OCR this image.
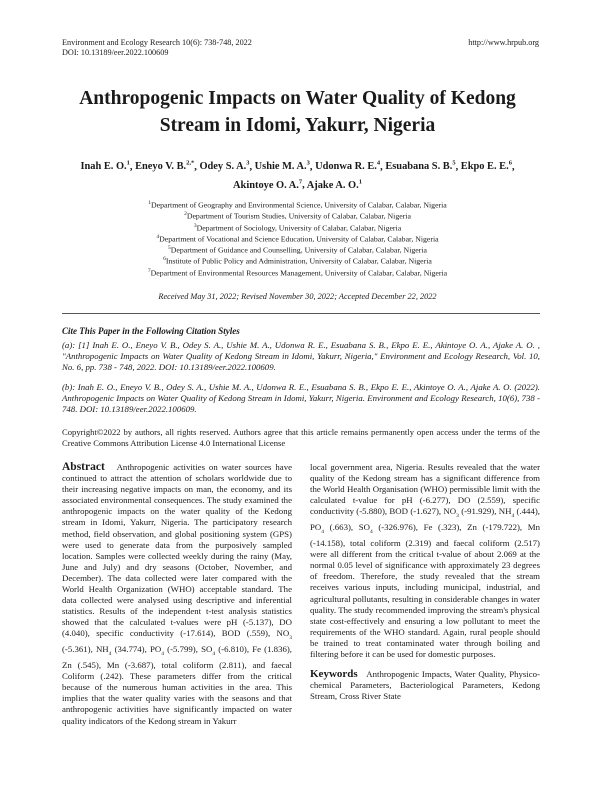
Environment and Ecology Research 10(6): 738-748, 2022
DOI: 10.13189/eer.2022.100609
http://www.hrpub.org
Anthropogenic Impacts on Water Quality of Kedong
Stream in Idomi, Yakurr, Nigeria
Inah E. O.$^1$, Eneyo V. B.$^{2,*}$, Odey S. A.$^3$, Ushie M. A.$^3$, Udonwa R. E.$^4$, Esuabana S. B.$^5$, Ekpo E. E.$^6$,
Akintoye O. A.$^7$, Ajake A. O.$^1$
$^1$Department of Geography and Environmental Science, University of Calabar, Calabar, Nigeria
$^2$Department of Tourism Studies, University of Calabar, Calabar, Nigeria
$^3$Department of Sociology, University of Calabar, Calabar, Nigeria
$^4$Department of Vocational and Science Education, University of Calabar, Calabar, Nigeria
$^5$Department of Guidance and Counselling, University of Calabar, Calabar, Nigeria
$^6$Institute of Public Policy and Administration, University of Calabar, Calabar, Nigeria
$^7$Department of Environmental Resources Management, University of Calabar, Calabar, Nigeria
Received May 31, 2022; Revised November 30, 2022; Accepted December 22, 2022
Cite This Paper in the Following Citation Styles
(a): [1] Inah E. O., Eneyo V. B., Odey S. A., Ushie M. A., Udonwa R. E., Esuabana S. B., Ekpo E. E., Akintoye O. A., Ajake A. O. , "Anthropogenic Impacts on Water Quality of Kedong Stream in Idomi, Yakurr, Nigeria," Environment and Ecology Research, Vol. 10, No. 6, pp. 738 - 748, 2022. DOI: 10.13189/eer.2022.100609.
(b): Inah E. O., Eneyo V. B., Odey S. A., Ushie M. A., Udonwa R. E., Esuabana S. B., Ekpo E. E., Akintoye O. A., Ajake A. O. (2022). Anthropogenic Impacts on Water Quality of Kedong Stream in Idomi, Yakurr, Nigeria. Environment and Ecology Research, 10(6), 738 - 748. DOI: 10.13189/eer.2022.100609.
Copyright©2022 by authors, all rights reserved. Authors agree that this article remains permanently open access under the terms of the Creative Commons Attribution License 4.0 International License
Abstract Anthropogenic activities on water sources have continued to attract the attention of scholars worldwide due to their increasing negative impacts on man, the economy, and its associated environmental consequences. The study examined the anthropogenic impacts on the water quality of the Kedong stream in Idomi, Yakurr, Nigeria. The participatory research method, field observation, and global positioning system (GPS) were used to generate data from the purposively sampled location. Samples were collected weekly during the rainy (May, June and July) and dry seasons (October, November, and December). The data collected were later compared with the World Health Organization (WHO) acceptable standard. The data collected were analysed using descriptive and inferential statistics. Results of the independent t-test analysis statistics showed that the calculated t-values were pH (-5.137), DO (4.040), specific conductivity (-17.614), BOD (.559), $NO_3$ (-5.361), $NH_4$ (34.774), $PO_4$ (-5.799), $SO_4$ (-6.810), Fe (1.836), Zn (.545), Mn (-3.687), total coliform (2.811), and faecal Coliform (.242). These parameters differ from the critical because of the numerous human activities in the area. This implies that the water quality varies with the seasons and that anthropogenic activities have significantly impacted on water quality indicators of the Kedong stream in Yakurr
local government area, Nigeria. Results revealed that the water quality of the Kedong stream has a significant difference from the World Health Organisation (WHO) permissible limit with the calculated t-value for pH (-6.277), DO (2.559), specific conductivity (-5.880), BOD (-1.627), $NO_3$ (-91.929), $NH_4$ (.444), $PO_4$ (.663), $SO_4$ (-326.976), Fe (.323), Zn (-179.722), Mn (-14.158), total coliform (2.319) and faecal coliform (2.517) were all different from the critical t-value of about 2.069 at the normal 0.05 level of significance with approximately 23 degrees of freedom. Therefore, the study revealed that the stream receives various inputs, including municipal, industrial, and agricultural pollutants, resulting in considerable changes in water quality. The study recommended improving the stream's physical state cost-effectively and ensuring a low pollutant to meet the requirements of the WHO standard. Again, rural people should be trained to treat contaminated water through boiling and filtering before it can be used for domestic purposes.
Keywords Anthropogenic Impacts, Water Quality, Physico-chemical Parameters, Bacteriological Parameters, Kedong Stream, Cross River State
